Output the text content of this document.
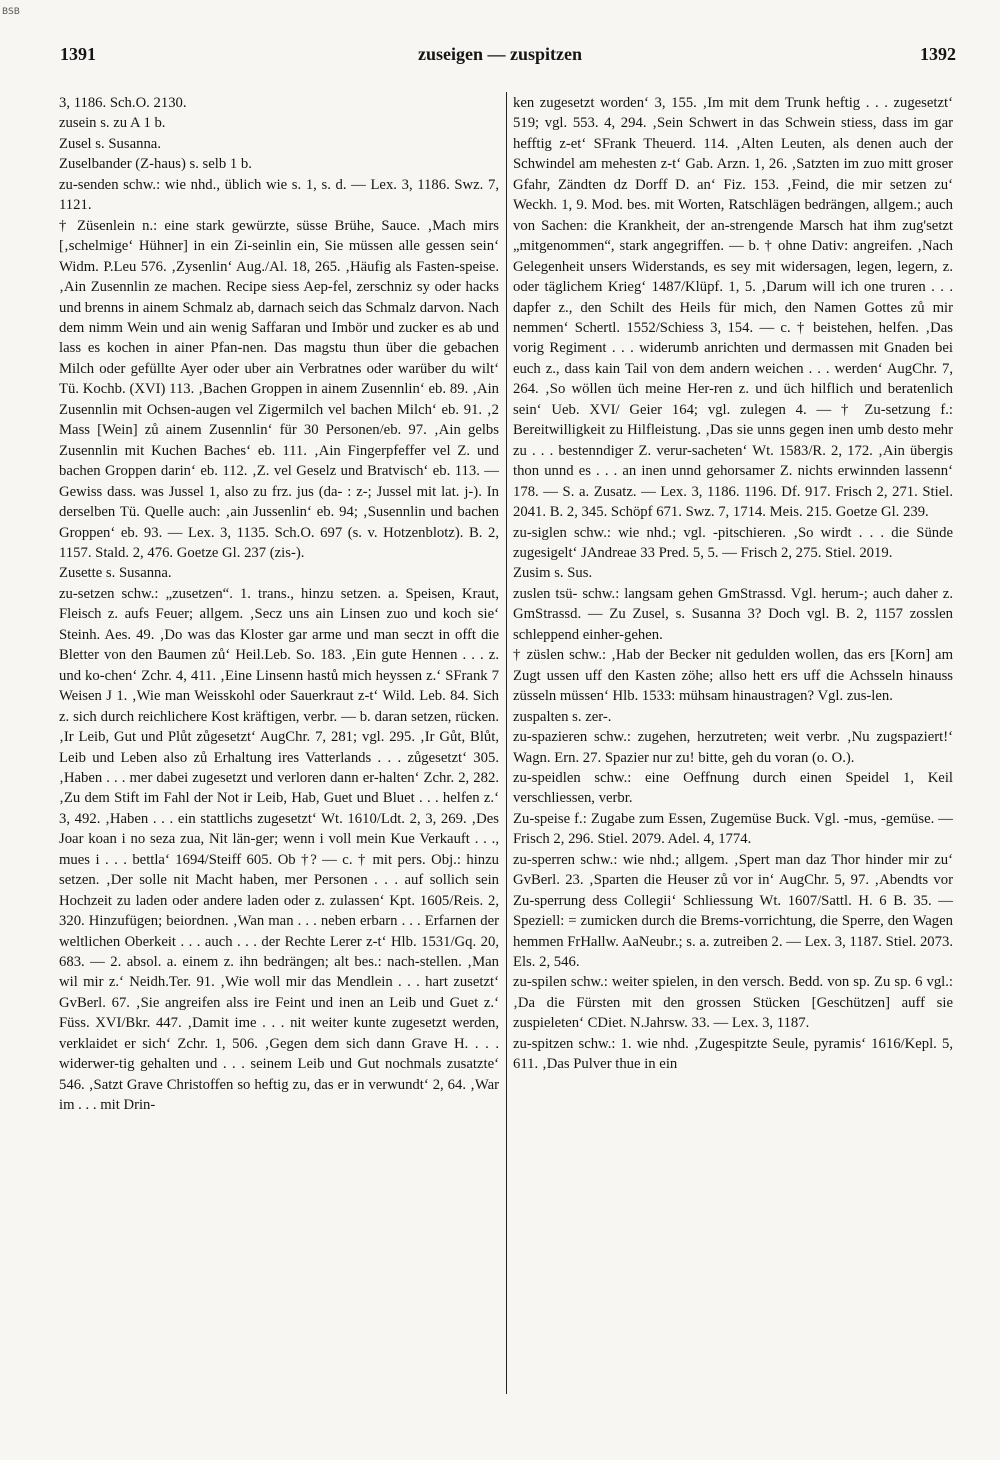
BSB
1391	zuseigen — zuspitzen	1392

3, 1186. Sch.O. 2130.

zusein s. zu A 1 b.

Zusel s. Susanna.

Zuselbander (Z-haus) s. selb 1 b.

zu-senden schw.: wie nhd., üblich wie s. 1, s. d. — Lex. 3, 1186. Swz. 7, 1121.

† Züsenlein n.: eine stark gewürzte, süsse Brühe, Sauce. ‚Mach mirs [‚schelmige‘ Hühner] in ein Zi-seinlin ein, Sie müssen alle gessen sein‘ Widm. P.Leu 576. ‚Zysenlin‘ Aug./Al. 18, 265. ‚Häufig als Fasten-speise. ‚Ain Zusennlin ze machen. Recipe siess Aep-fel, zerschniz sy oder hacks und brenns in ainem Schmalz ab, darnach seich das Schmalz darvon. Nach dem nimm Wein und ain wenig Saffaran und Imbör und zucker es ab und lass es kochen in ainer Pfan-nen. Das magstu thun über die gebachen Milch oder gefüllte Ayer oder uber ain Verbratnes oder warüber du wilt‘ Tü. Kochb. (XVI) 113. ‚Bachen Groppen in ainem Zusennlin‘ eb. 89. ‚Ain Zusennlin mit Ochsen-augen vel Zigermilch vel bachen Milch‘ eb. 91. ‚2 Mass [Wein] zů ainem Zusennlin‘ für 30 Personen/eb. 97. ‚Ain gelbs Zusennlin mit Kuchen Baches‘ eb. 111. ‚Ain Fingerpfeffer vel Z. und bachen Groppen darin‘ eb. 112. ‚Z. vel Geselz und Bratvisch‘ eb. 113. — Gewiss dass. was Jussel 1, also zu frz. jus (da- : z-; Jussel mit lat. j-). In derselben Tü. Quelle auch: ‚ain Jussenlin‘ eb. 94; ‚Susennlin und bachen Groppen‘ eb. 93. — Lex. 3, 1135. Sch.O. 697 (s. v. Hotzenblotz). B. 2, 1157. Stald. 2, 476. Goetze Gl. 237 (zis-).

Zusette s. Susanna.

zu-setzen schw.: „zusetzen“. 1. trans., hinzu setzen. a. Speisen, Kraut, Fleisch z. aufs Feuer; allgem. ‚Secz uns ain Linsen zuo und koch sie‘ Steinh. Aes. 49. ‚Do was das Kloster gar arme und man seczt in offt die Bletter von den Baumen zů‘ Heil.Leb. So. 183. ‚Ein gute Hennen . . . z. und ko-chen‘ Zchr. 4, 411. ‚Eine Linsenn hastů mich heyssen z.‘ SFrank 7 Weisen J 1. ‚Wie man Weisskohl oder Sauerkraut z-t‘ Wild. Leb. 84. Sich z. sich durch reichlichere Kost kräftigen, verbr. — b. daran setzen, rücken. ‚Ir Leib, Gut und Plůt zůgesetzt‘ AugChr. 7, 281; vgl. 295. ‚Ir Gůt, Blůt, Leib und Leben also zů Erhaltung ires Vatterlands . . . zůgesetzt‘ 305. ‚Haben . . . mer dabei zugesetzt und verloren dann er-halten‘ Zchr. 2, 282. ‚Zu dem Stift im Fahl der Not ir Leib, Hab, Guet und Bluet . . . helfen z.‘ 3, 492. ‚Haben . . . ein stattlichs zugesetzt‘ Wt. 1610/Ldt. 2, 3, 269. ‚Des Joar koan i no seza zua, Nit län-ger; wenn i voll mein Kue Verkauft . . ., mues i . . . bettla‘ 1694/Steiff 605. Ob †? — c. † mit pers. Obj.: hinzu setzen. ‚Der solle nit Macht haben, mer Personen . . . auf sollich sein Hochzeit zu laden oder andere laden oder z. zulassen‘ Kpt. 1605/Reis. 2, 320. Hinzufügen; beiordnen. ‚Wan man . . . neben erbarn . . . Erfarnen der weltlichen Oberkeit . . . auch . . . der Rechte Lerer z-t‘ Hlb. 1531/Gq. 20, 683. — 2. absol. a. einem z. ihn bedrängen; alt bes.: nach-stellen. ‚Man wil mir z.‘ Neidh.Ter. 91. ‚Wie woll mir das Mendlein . . . hart zusetzt‘ GvBerl. 67. ‚Sie angreifen alss ire Feint und inen an Leib und Guet z.‘ Füss. XVI/Bkr. 447. ‚Damit ime . . . nit weiter kunte zugesetzt werden, verklaidet er sich‘ Zchr. 1, 506. ‚Gegen dem sich dann Grave H. . . . widerwer-tig gehalten und . . . seinem Leib und Gut nochmals zusatzte‘ 546. ‚Satzt Grave Christoffen so heftig zu, das er in verwundt‘ 2, 64. ‚War im . . . mit Drin-

ken zugesetzt worden‘ 3, 155. ‚Im mit dem Trunk heftig . . . zugesetzt‘ 519; vgl. 553. 4, 294. ‚Sein Schwert in das Schwein stiess, dass im gar hefftig z-et‘ SFrank Theuerd. 114. ‚Alten Leuten, als denen auch der Schwindel am mehesten z-t‘ Gab. Arzn. 1, 26. ‚Satzten im zuo mitt groser Gfahr, Zändten dz Dorff D. an‘ Fiz. 153. ‚Feind, die mir setzen zu‘ Weckh. 1, 9. Mod. bes. mit Worten, Ratschlägen bedrängen, allgem.; auch von Sachen: die Krankheit, der an-strengende Marsch hat ihm zug'setzt „mitgenommen“, stark angegriffen. — b. † ohne Dativ: angreifen. ‚Nach Gelegenheit unsers Widerstands, es sey mit widersagen, legen, legern, z. oder täglichem Krieg‘ 1487/Klüpf. 1, 5. ‚Darum will ich one truren . . . dapfer z., den Schilt des Heils für mich, den Namen Gottes zů mir nemmen‘ Schertl. 1552/Schiess 3, 154. — c. † beistehen, helfen. ‚Das vorig Regiment . . . widerumb anrichten und dermassen mit Gnaden bei euch z., dass kain Tail von dem andern weichen . . . werden‘ AugChr. 7, 264. ‚So wöllen üch meine Her-ren z. und üch hilflich und beratenlich sein‘ Ueb. XVI/ Geier 164; vgl. zulegen 4. — † Zu-setzung f.: Bereitwilligkeit zu Hilfleistung. ‚Das sie unns gegen inen umb desto mehr zu . . . bestenndiger Z. verur-sacheten‘ Wt. 1583/R. 2, 172. ‚Ain übergis thon unnd es . . . an inen unnd gehorsamer Z. nichts erwinnden lassenn‘ 178. — S. a. Zusatz. — Lex. 3, 1186. 1196. Df. 917. Frisch 2, 271. Stiel. 2041. B. 2, 345. Schöpf 671. Swz. 7, 1714. Meis. 215. Goetze Gl. 239.

zu-siglen schw.: wie nhd.; vgl. -pitschieren. ‚So wirdt . . . die Sünde zugesigelt‘ JAndreae 33 Pred. 5, 5. — Frisch 2, 275. Stiel. 2019.

Zusim s. Sus.

zuslen tsü- schw.: langsam gehen GmStrassd. Vgl. herum-; auch daher z. GmStrassd. — Zu Zusel, s. Susanna 3? Doch vgl. B. 2, 1157 zosslen schleppend einher-gehen.

† züslen schw.: ‚Hab der Becker nit gedulden wollen, das ers [Korn] am Zugt ussen uff den Kasten zöhe; allso hett ers uff die Achsseln hinauss züsseln müssen‘ Hlb. 1533: mühsam hinaustragen? Vgl. zus-len.

zuspalten s. zer-.

zu-spazieren schw.: zugehen, herzutreten; weit verbr. ‚Nu zugspaziert!‘ Wagn. Ern. 27. Spazier nur zu! bitte, geh du voran (o. O.).

zu-speidlen schw.: eine Oeffnung durch einen Speidel 1, Keil verschliessen, verbr.

Zu-speise f.: Zugabe zum Essen, Zugemüse Buck. Vgl. -mus, -gemüse. — Frisch 2, 296. Stiel. 2079. Adel. 4, 1774.

zu-sperren schw.: wie nhd.; allgem. ‚Spert man daz Thor hinder mir zu‘ GvBerl. 23. ‚Sparten die Heuser zů vor in‘ AugChr. 5, 97. ‚Abendts vor Zu-sperrung dess Collegii‘ Schliessung Wt. 1607/Sattl. H. 6 B. 35. — Speziell: = zumicken durch die Brems-vorrichtung, die Sperre, den Wagen hemmen FrHallw. AaNeubr.; s. a. zutreiben 2. — Lex. 3, 1187. Stiel. 2073. Els. 2, 546.

zu-spilen schw.: weiter spielen, in den versch. Bedd. von sp. Zu sp. 6 vgl.: ‚Da die Fürsten mit den grossen Stücken [Geschützen] auff sie zuspieleten‘ CDiet. N.Jahrsw. 33. — Lex. 3, 1187.

zu-spitzen schw.: 1. wie nhd. ‚Zugespitzte Seule, pyramis‘ 1616/Kepl. 5, 611. ‚Das Pulver thue in ein
